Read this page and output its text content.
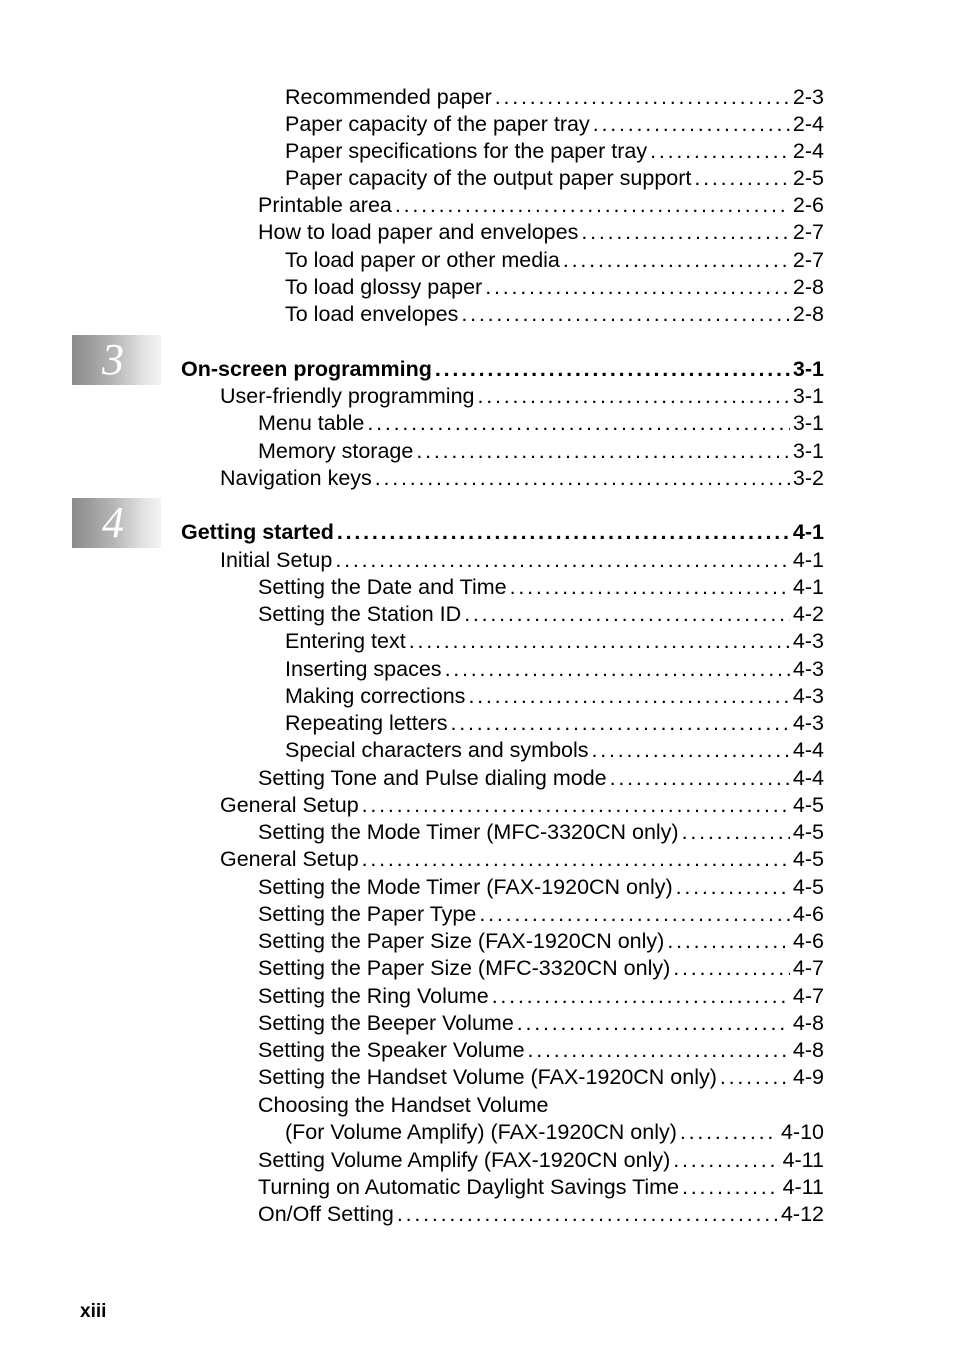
3
4
Recommended paper . . .	2-3
Paper capacity of the paper tray . . .	2-4
Paper specifications for the paper tray . . .	2-4
Paper capacity of the output paper support . . .	2-5
Printable area . . .	2-6
How to load paper and envelopes . . .	2-7
To load paper or other media . . .	2-7
To load glossy paper . . .	2-8
To load envelopes . . .	2-8
On-screen programming . . .	3-1
User-friendly programming . . .	3-1
Menu table . . .	3-1
Memory storage . . .	3-1
Navigation keys . . .	3-2
Getting started . . .	4-1
Initial Setup . . .	4-1
Setting the Date and Time . . .	4-1
Setting the Station ID . . .	4-2
Entering text . . .	4-3
Inserting spaces . . .	4-3
Making corrections . . .	4-3
Repeating letters . . .	4-3
Special characters and symbols . . .	4-4
Setting Tone and Pulse dialing mode . . .	4-4
General Setup . . .	4-5
Setting the Mode Timer (MFC-3320CN only) . . .	4-5
General Setup . . .	4-5
Setting the Mode Timer (FAX-1920CN only) . . .	4-5
Setting the Paper Type . . .	4-6
Setting the Paper Size (FAX-1920CN only) . . .	4-6
Setting the Paper Size (MFC-3320CN only) . . .	4-7
Setting the Ring Volume . . .	4-7
Setting the Beeper Volume . . .	4-8
Setting the Speaker Volume . . .	4-8
Setting the Handset Volume (FAX-1920CN only) . . .	4-9
Choosing the Handset Volume
(For Volume Amplify) (FAX-1920CN only) . . .	4-10
Setting Volume Amplify (FAX-1920CN only) . . .	4-11
Turning on Automatic Daylight Savings Time . . .	4-11
On/Off Setting . . .	4-12
xiii
